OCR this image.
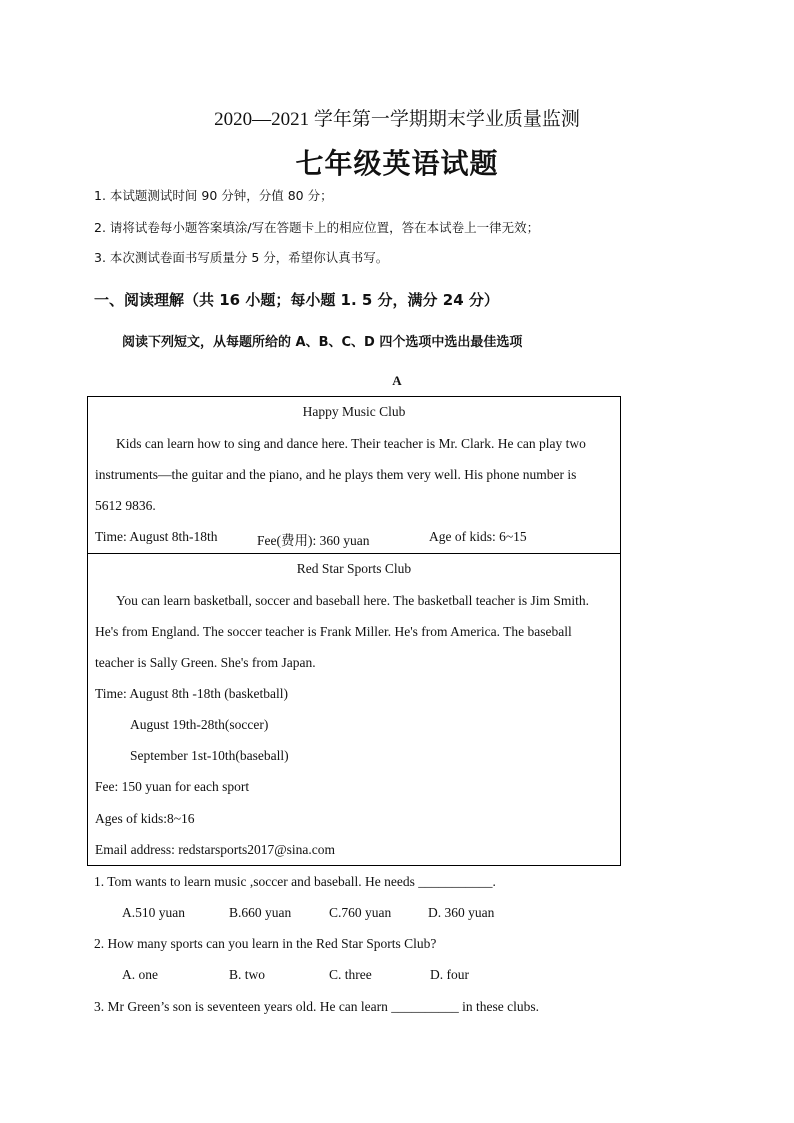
2020—2021 学年第一学期期末学业质量监测
七年级英语试题
1. 本试题测试时间 90 分钟，分值 80 分；
2. 请将试卷每小题答案填涂/写在答题卡上的相应位置，答在本试卷上一律无效；
3. 本次测试卷面书写质量分 5 分，希望你认真书写。
一、阅读理解（共 16 小题；每小题 1. 5 分，满分 24 分）
阅读下列短文，从每题所给的 A、B、C、D 四个选项中选出最佳选项
A
Happy Music Club
Kids can learn how to sing and dance here. Their teacher is Mr. Clark. He can play two
instruments—the guitar and the piano, and he plays them very well. His phone number is
5612 9836.
Time: August 8th-18th	Fee(费用): 360 yuan	Age of kids: 6~15
Red Star Sports Club
You can learn basketball, soccer and baseball here. The basketball teacher is Jim Smith.
He's from England. The soccer teacher is Frank Miller. He's from America. The baseball
teacher is Sally Green. She's from Japan.
Time: August 8th -18th (basketball)
August 19th-28th(soccer)
September 1st-10th(baseball)
Fee: 150 yuan for each sport
Ages of kids:8~16
Email address: redstarsports2017@sina.com
1. Tom wants to learn music ,soccer and baseball. He needs ___________.
A.510 yuan	B.660 yuan	C.760 yuan	D. 360 yuan
2. How many sports can you learn in the Red Star Sports Club?
A. one	B. two	C. three	D. four
3. Mr Green’s son is seventeen years old. He can learn __________ in these clubs.
